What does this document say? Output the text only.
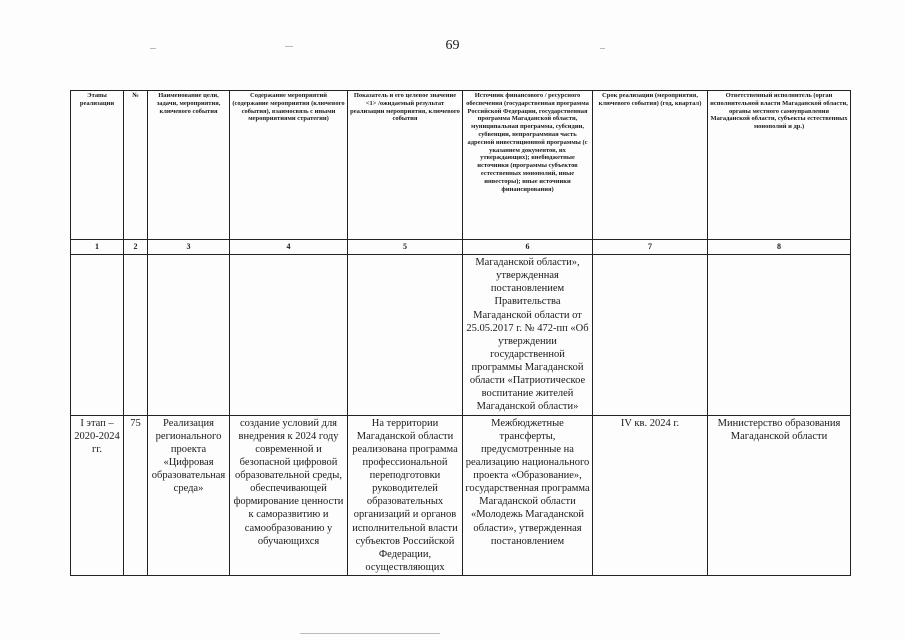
69
Этапы реализации	№	Наименование цели, задачи, мероприятия, ключевого события	Содержание мероприятий (содержание мероприятия (ключевого события), взаимосвязь с иными мероприятиями стратегии)	Показатель и его целевое значение <1> /ожидаемый результат реализации мероприятия, ключевого события	Источник финансового / ресурсного обеспечения (государственная программа Российской Федерации, государственная программа Магаданской области, муниципальная программа, субсидии, субвенции, непрограммная часть адресной инвестиционной программы (с указанием документов, их утверждающих); внебюджетные источники (программы субъектов естественных монополий, иные инвесторы); иные источники финансирования)	Срок реализации (мероприятия, ключевого события) (год, квартал)	Ответственный исполнитель (орган исполнительной власти Магаданской области, органы местного самоуправления Магаданской области, субъекты естественных монополий и др.)
1	2	3	4	5	6	7	8
					Магаданской области», утвержденная постановлением Правительства Магаданской области от 25.05.2017 г. № 472-пп «Об утверждении государственной программы Магаданской области «Патриотическое воспитание жителей Магаданской области»		
I этап – 2020-2024 гг.	75	Реализация регионального проекта «Цифровая образовательная среда»	создание условий для внедрения к 2024 году современной и безопасной цифровой образовательной среды, обеспечивающей формирование ценности к саморазвитию и самообразованию у обучающихся	На территории Магаданской области реализована программа профессиональной переподготовки руководителей образовательных организаций и органов исполнительной власти субъектов Российской Федерации, осуществляющих	Межбюджетные трансферты, предусмотренные на реализацию национального проекта «Образование», государственная программа Магаданской области «Молодежь Магаданской области», утвержденная постановлением	IV кв. 2024 г.	Министерство образования Магаданской области
